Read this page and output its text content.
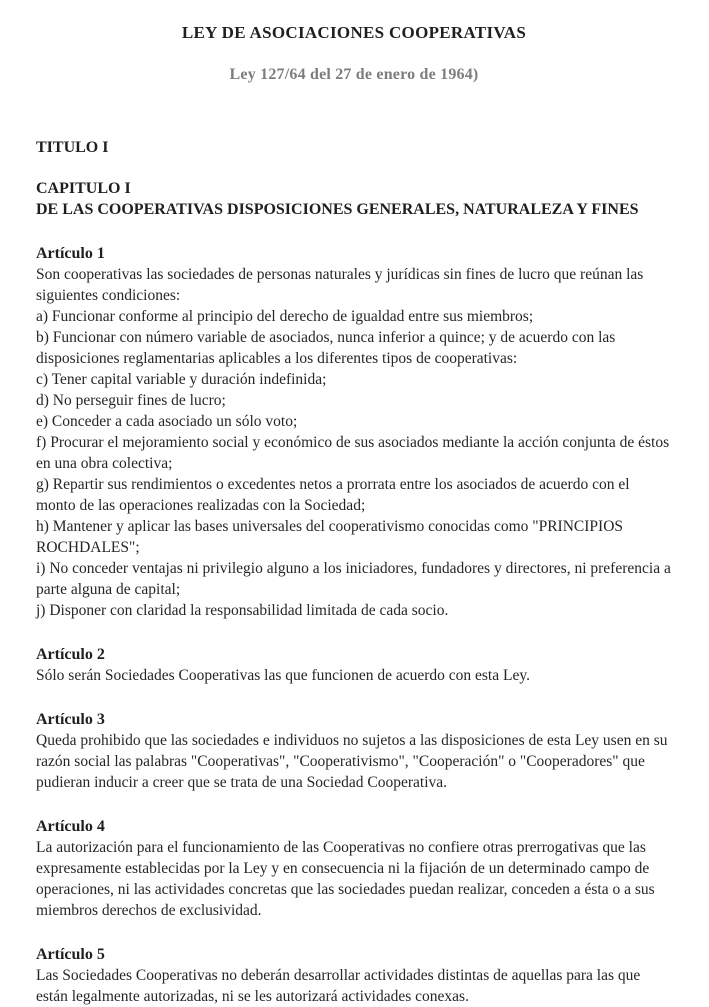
LEY DE ASOCIACIONES COOPERATIVAS
Ley 127/64 del 27 de enero de 1964)
TITULO I
CAPITULO I
DE LAS COOPERATIVAS DISPOSICIONES GENERALES, NATURALEZA Y FINES
Artículo 1
Son cooperativas las sociedades de personas naturales y jurídicas sin fines de lucro que reúnan las siguientes condiciones:
a) Funcionar conforme al principio del derecho de igualdad entre sus miembros;
b) Funcionar con número variable de asociados, nunca inferior a quince; y de acuerdo con las disposiciones reglamentarias aplicables a los diferentes tipos de cooperativas:
c) Tener capital variable y duración indefinida;
d) No perseguir fines de lucro;
e) Conceder a cada asociado un sólo voto;
f) Procurar el mejoramiento social y económico de sus asociados mediante la acción conjunta de éstos en una obra colectiva;
g) Repartir sus rendimientos o excedentes netos a prorrata entre los asociados de acuerdo con el monto de las operaciones realizadas con la Sociedad;
h) Mantener y aplicar las bases universales del cooperativismo conocidas como "PRINCIPIOS ROCHDALES";
i) No conceder ventajas ni privilegio alguno a los iniciadores, fundadores y directores, ni preferencia a parte alguna de capital;
j) Disponer con claridad la responsabilidad limitada de cada socio.
Artículo 2
Sólo serán Sociedades Cooperativas las que funcionen de acuerdo con esta Ley.
Artículo 3
Queda prohibido que las sociedades e individuos no sujetos a las disposiciones de esta Ley usen en su razón social las palabras "Cooperativas", "Cooperativismo", "Cooperación" o "Cooperadores" que pudieran inducir a creer que se trata de una Sociedad Cooperativa.
Artículo 4
La autorización para el funcionamiento de las Cooperativas no confiere otras prerrogativas que las expresamente establecidas por la Ley y en consecuencia ni la fijación de un determinado campo de operaciones, ni las actividades concretas que las sociedades puedan realizar, conceden a ésta o a sus miembros derechos de exclusividad.
Artículo 5
Las Sociedades Cooperativas no deberán desarrollar actividades distintas de aquellas para las que están legalmente autorizadas, ni se les autorizará actividades conexas.
